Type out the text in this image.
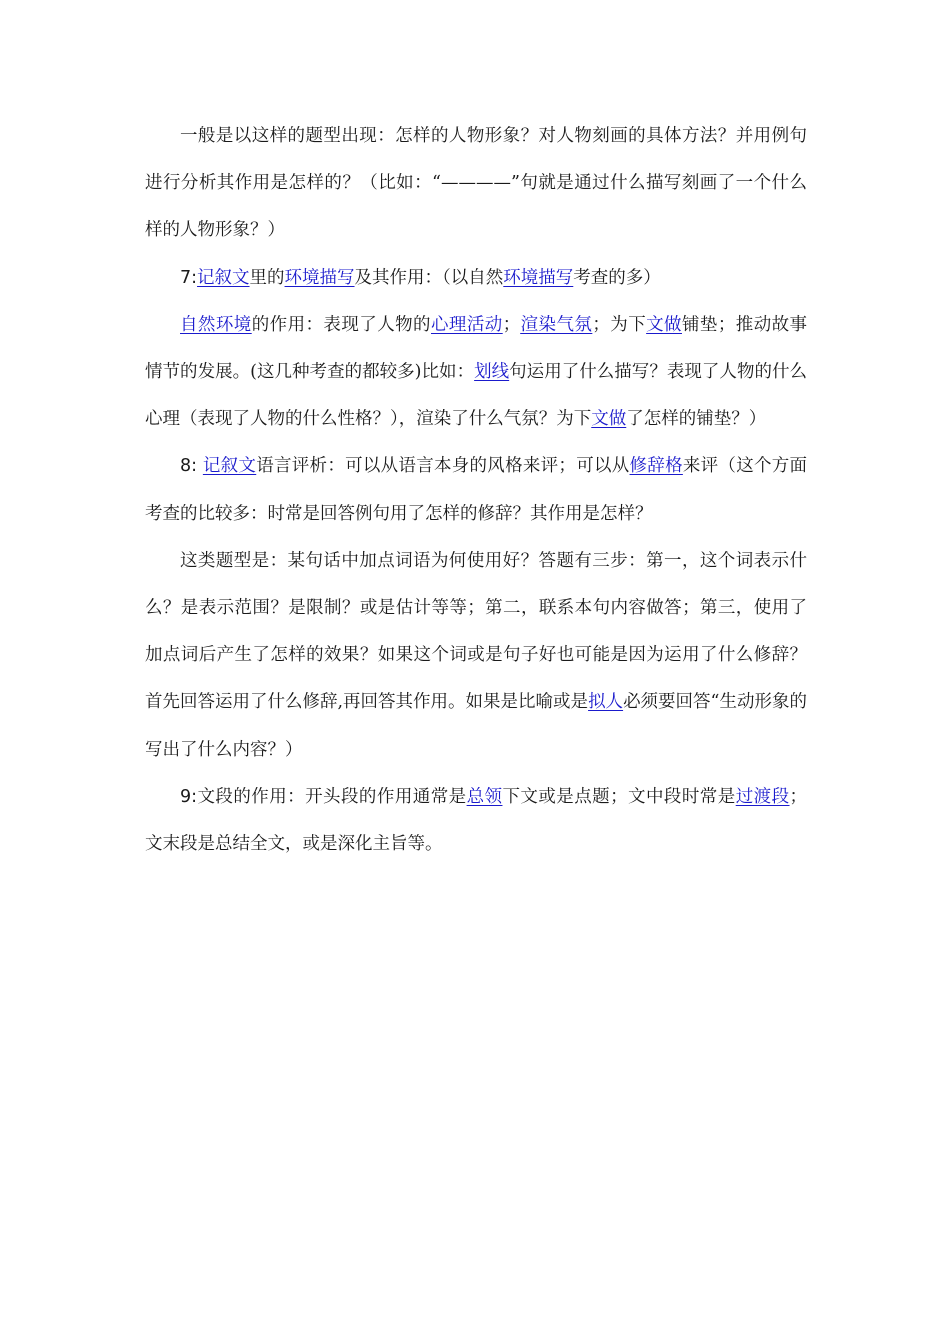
一般是以这样的题型出现：怎样的人物形象？对人物刻画的具体方法？并用例句进行分析其作用是怎样的？（比如：“————”句就是通过什么描写刻画了一个什么样的人物形象？）

7:记叙文里的环境描写及其作用：（以自然环境描写考查的多）

自然环境的作用：表现了人物的心理活动；渲染气氛；为下文做铺垫；推动故事情节的发展。(这几种考查的都较多)比如：划线句运用了什么描写？表现了人物的什么心理（表现了人物的什么性格？），渲染了什么气氛？为下文做了怎样的铺垫？）

8: 记叙文语言评析：可以从语言本身的风格来评；可以从修辞格来评（这个方面考查的比较多：时常是回答例句用了怎样的修辞？其作用是怎样？

这类题型是：某句话中加点词语为何使用好？答题有三步：第一，这个词表示什么？是表示范围？是限制？或是估计等等；第二，联系本句内容做答；第三，使用了加点词后产生了怎样的效果？如果这个词或是句子好也可能是因为运用了什么修辞？首先回答运用了什么修辞,再回答其作用。如果是比喻或是拟人必须要回答“生动形象的写出了什么内容？）

9:文段的作用：开头段的作用通常是总领下文或是点题；文中段时常是过渡段；文末段是总结全文，或是深化主旨等。
